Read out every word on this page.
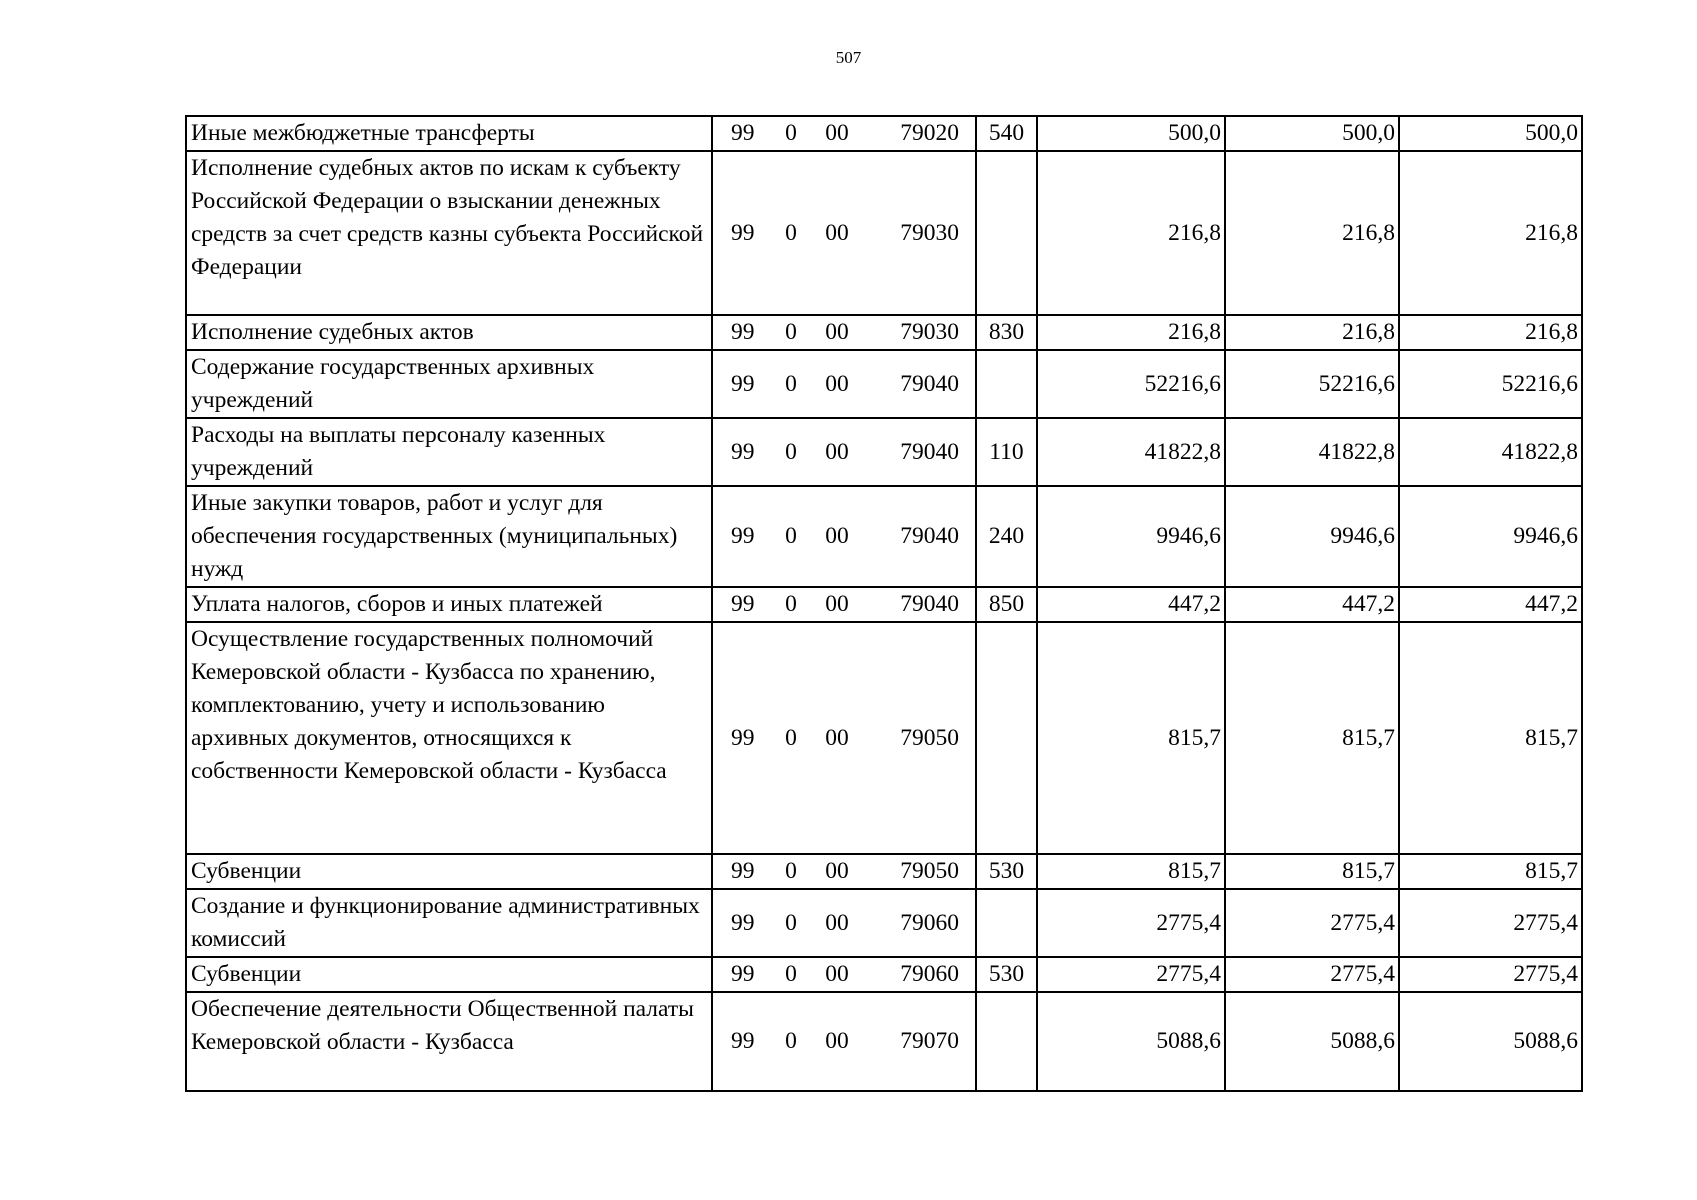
507
Иные межбюджетные трансферты	99	0	00	79020	540	500,0	500,0	500,0
Исполнение судебных актов по искам к субъекту Российской Федерации о взыскании денежных средств за счет средств казны субъекта Российской Федерации	99	0	00	79030		216,8	216,8	216,8
Исполнение судебных актов	99	0	00	79030	830	216,8	216,8	216,8
Содержание государственных архивных учреждений	99	0	00	79040		52216,6	52216,6	52216,6
Расходы на выплаты персоналу казенных учреждений	99	0	00	79040	110	41822,8	41822,8	41822,8
Иные закупки товаров, работ и услуг для обеспечения государственных (муниципальных) нужд	99	0	00	79040	240	9946,6	9946,6	9946,6
Уплата налогов, сборов и иных платежей	99	0	00	79040	850	447,2	447,2	447,2
Осуществление государственных полномочий Кемеровской области - Кузбасса по хранению, комплектованию, учету и использованию архивных документов, относящихся к собственности Кемеровской области - Кузбасса	99	0	00	79050		815,7	815,7	815,7
Субвенции	99	0	00	79050	530	815,7	815,7	815,7
Создание и функционирование административных комиссий	99	0	00	79060		2775,4	2775,4	2775,4
Субвенции	99	0	00	79060	530	2775,4	2775,4	2775,4
Обеспечение деятельности Общественной палаты Кемеровской области - Кузбасса	99	0	00	79070		5088,6	5088,6	5088,6
